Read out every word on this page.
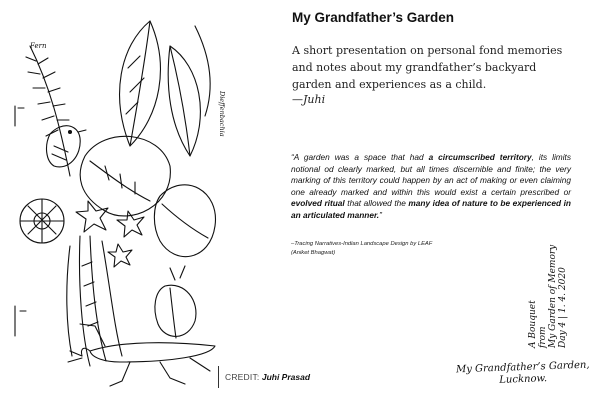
Fern
Dieffenbachia
CREDIT: Juhi Prasad
My Grandfather’s Garden
A short presentation on personal fond memories and notes about my grandfather’s backyard garden and experiences as a child.
—Juhi
“A garden was a space that had a circumscribed territory, its limits notional od clearly marked, but all times discernible and finite; the very marking of this territory could happen by an act of making or even claiming one already marked and within this would exist a certain prescribed or evolved ritual that allowed the many idea of nature to be experienced in an articulated manner.”
–Tracing Narratives-Indian Landscape Design by LEAF
(Aniket Bhagwat)
A Bouquet from My Garden of Memory Day 4 | 1. 4. 2020
My Grandfather’s Garden,
Lucknow.
